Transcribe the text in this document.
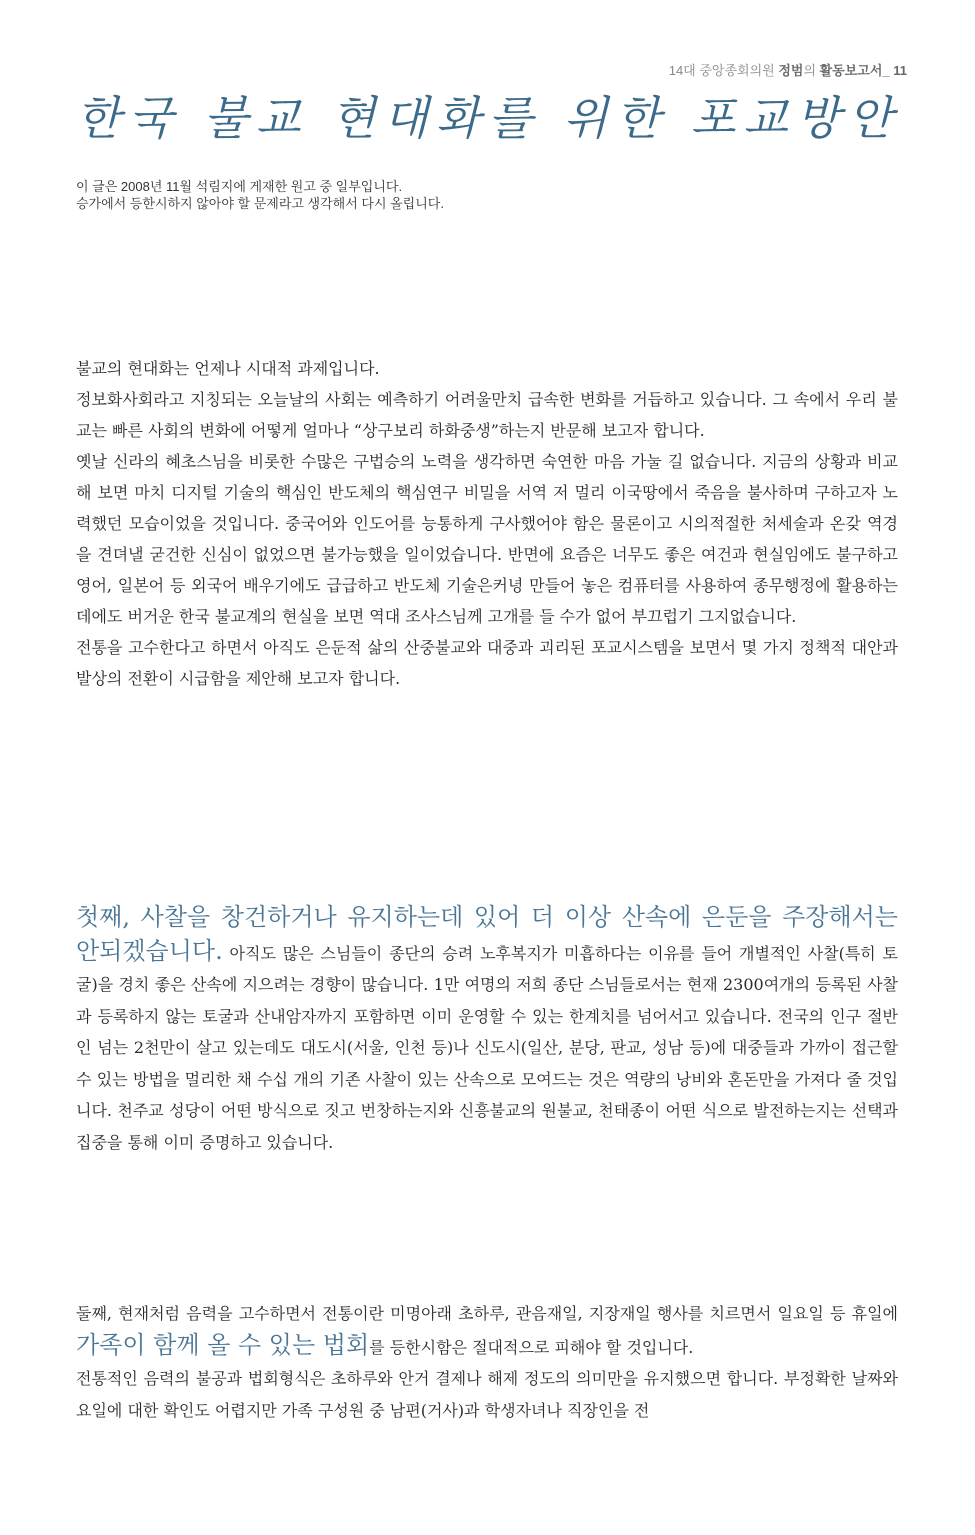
14대 중앙종회의원 정범의 활동보고서_ 11
한국 불교 현대화를 위한 포교방안

이 글은 2008년 11월 석림지에 게재한 원고 중 일부입니다.

승가에서 등한시하지 않아야 할 문제라고 생각해서 다시 올립니다.

불교의 현대화는 언제나 시대적 과제입니다.

정보화사회라고 지칭되는 오늘날의 사회는 예측하기 어려울만치 급속한 변화를 거듭하고 있습니다. 그 속에서 우리 불교는 빠른 사회의 변화에 어떻게 얼마나 “상구보리 하화중생”하는지 반문해 보고자 합니다.

옛날 신라의 혜초스님을 비롯한 수많은 구법승의 노력을 생각하면 숙연한 마음 가눌 길 없습니다. 지금의 상황과 비교해 보면 마치 디지털 기술의 핵심인 반도체의 핵심연구 비밀을 서역 저 멀리 이국땅에서 죽음을 불사하며 구하고자 노력했던 모습이었을 것입니다. 중국어와 인도어를 능통하게 구사했어야 함은 물론이고 시의적절한 처세술과 온갖 역경을 견뎌낼 굳건한 신심이 없었으면 불가능했을 일이었습니다. 반면에 요즘은 너무도 좋은 여건과 현실임에도 불구하고 영어, 일본어 등 외국어 배우기에도 급급하고 반도체 기술은커녕 만들어 놓은 컴퓨터를 사용하여 종무행정에 활용하는 데에도 버거운 한국 불교계의 현실을 보면 역대 조사스님께 고개를 들 수가 없어 부끄럽기 그지없습니다.

전통을 고수한다고 하면서 아직도 은둔적 삶의 산중불교와 대중과 괴리된 포교시스템을 보면서 몇 가지 정책적 대안과 발상의 전환이 시급함을 제안해 보고자 합니다.

첫째, 사찰을 창건하거나 유지하는데 있어 더 이상 산속에 은둔을 주장해서는 안되겠습니다. 아직도 많은 스님들이 종단의 승려 노후복지가 미흡하다는 이유를 들어 개별적인 사찰(특히 토굴)을 경치 좋은 산속에 지으려는 경향이 많습니다. 1만 여명의 저희 종단 스님들로서는 현재 2300여개의 등록된 사찰과 등록하지 않는 토굴과 산내암자까지 포함하면 이미 운영할 수 있는 한계치를 넘어서고 있습니다. 전국의 인구 절반인 넘는 2천만이 살고 있는데도 대도시(서울, 인천 등)나 신도시(일산, 분당, 판교, 성남 등)에 대중들과 가까이 접근할 수 있는 방법을 멀리한 채 수십 개의 기존 사찰이 있는 산속으로 모여드는 것은 역량의 낭비와 혼돈만을 가져다 줄 것입니다. 천주교 성당이 어떤 방식으로 짓고 번창하는지와 신흥불교의 원불교, 천태종이 어떤 식으로 발전하는지는 선택과 집중을 통해 이미 증명하고 있습니다.

둘째, 현재처럼 음력을 고수하면서 전통이란 미명아래 초하루, 관음재일, 지장재일 행사를 치르면서 일요일 등 휴일에 가족이 함께 올 수 있는 법회를 등한시함은 절대적으로 피해야 할 것입니다.

전통적인 음력의 불공과 법회형식은 초하루와 안거 결제나 해제 정도의 의미만을 유지했으면 합니다. 부정확한 날짜와 요일에 대한 확인도 어렵지만 가족 구성원 중 남편(거사)과 학생자녀나 직장인을 전
